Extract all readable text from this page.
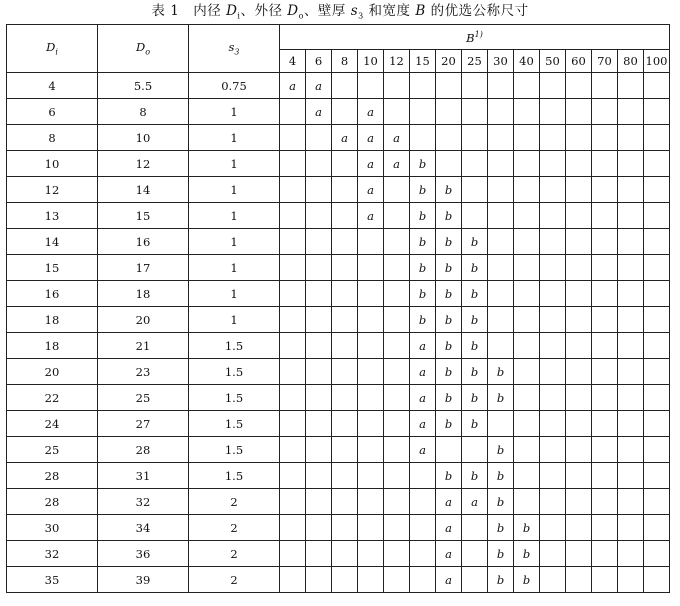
表 1　内径 $D_i$、外径 $D_o$、壁厚 $s_3$ 和宽度 B 的优选公称尺寸
$D_i$	$D_o$	$s_3$	$B^{1)}$
			4	6	8	10	12	15	20	25	30	40	50	60	70	80	100
4	5.5	0.75	a	a													
6	8	1		a		a											
8	10	1			a	a	a										
10	12	1				a	a	b									
12	14	1				a		b	b								
13	15	1				a		b	b								
14	16	1						b	b	b							
15	17	1						b	b	b							
16	18	1						b	b	b							
18	20	1						b	b	b							
18	21	1.5						a	b	b							
20	23	1.5						a	b	b	b						
22	25	1.5						a	b	b	b						
24	27	1.5						a	b	b							
25	28	1.5						a			b						
28	31	1.5							b	b	b						
28	32	2							a	a	b						
30	34	2							a		b	b					
32	36	2							a		b	b					
35	39	2							a		b	b					
